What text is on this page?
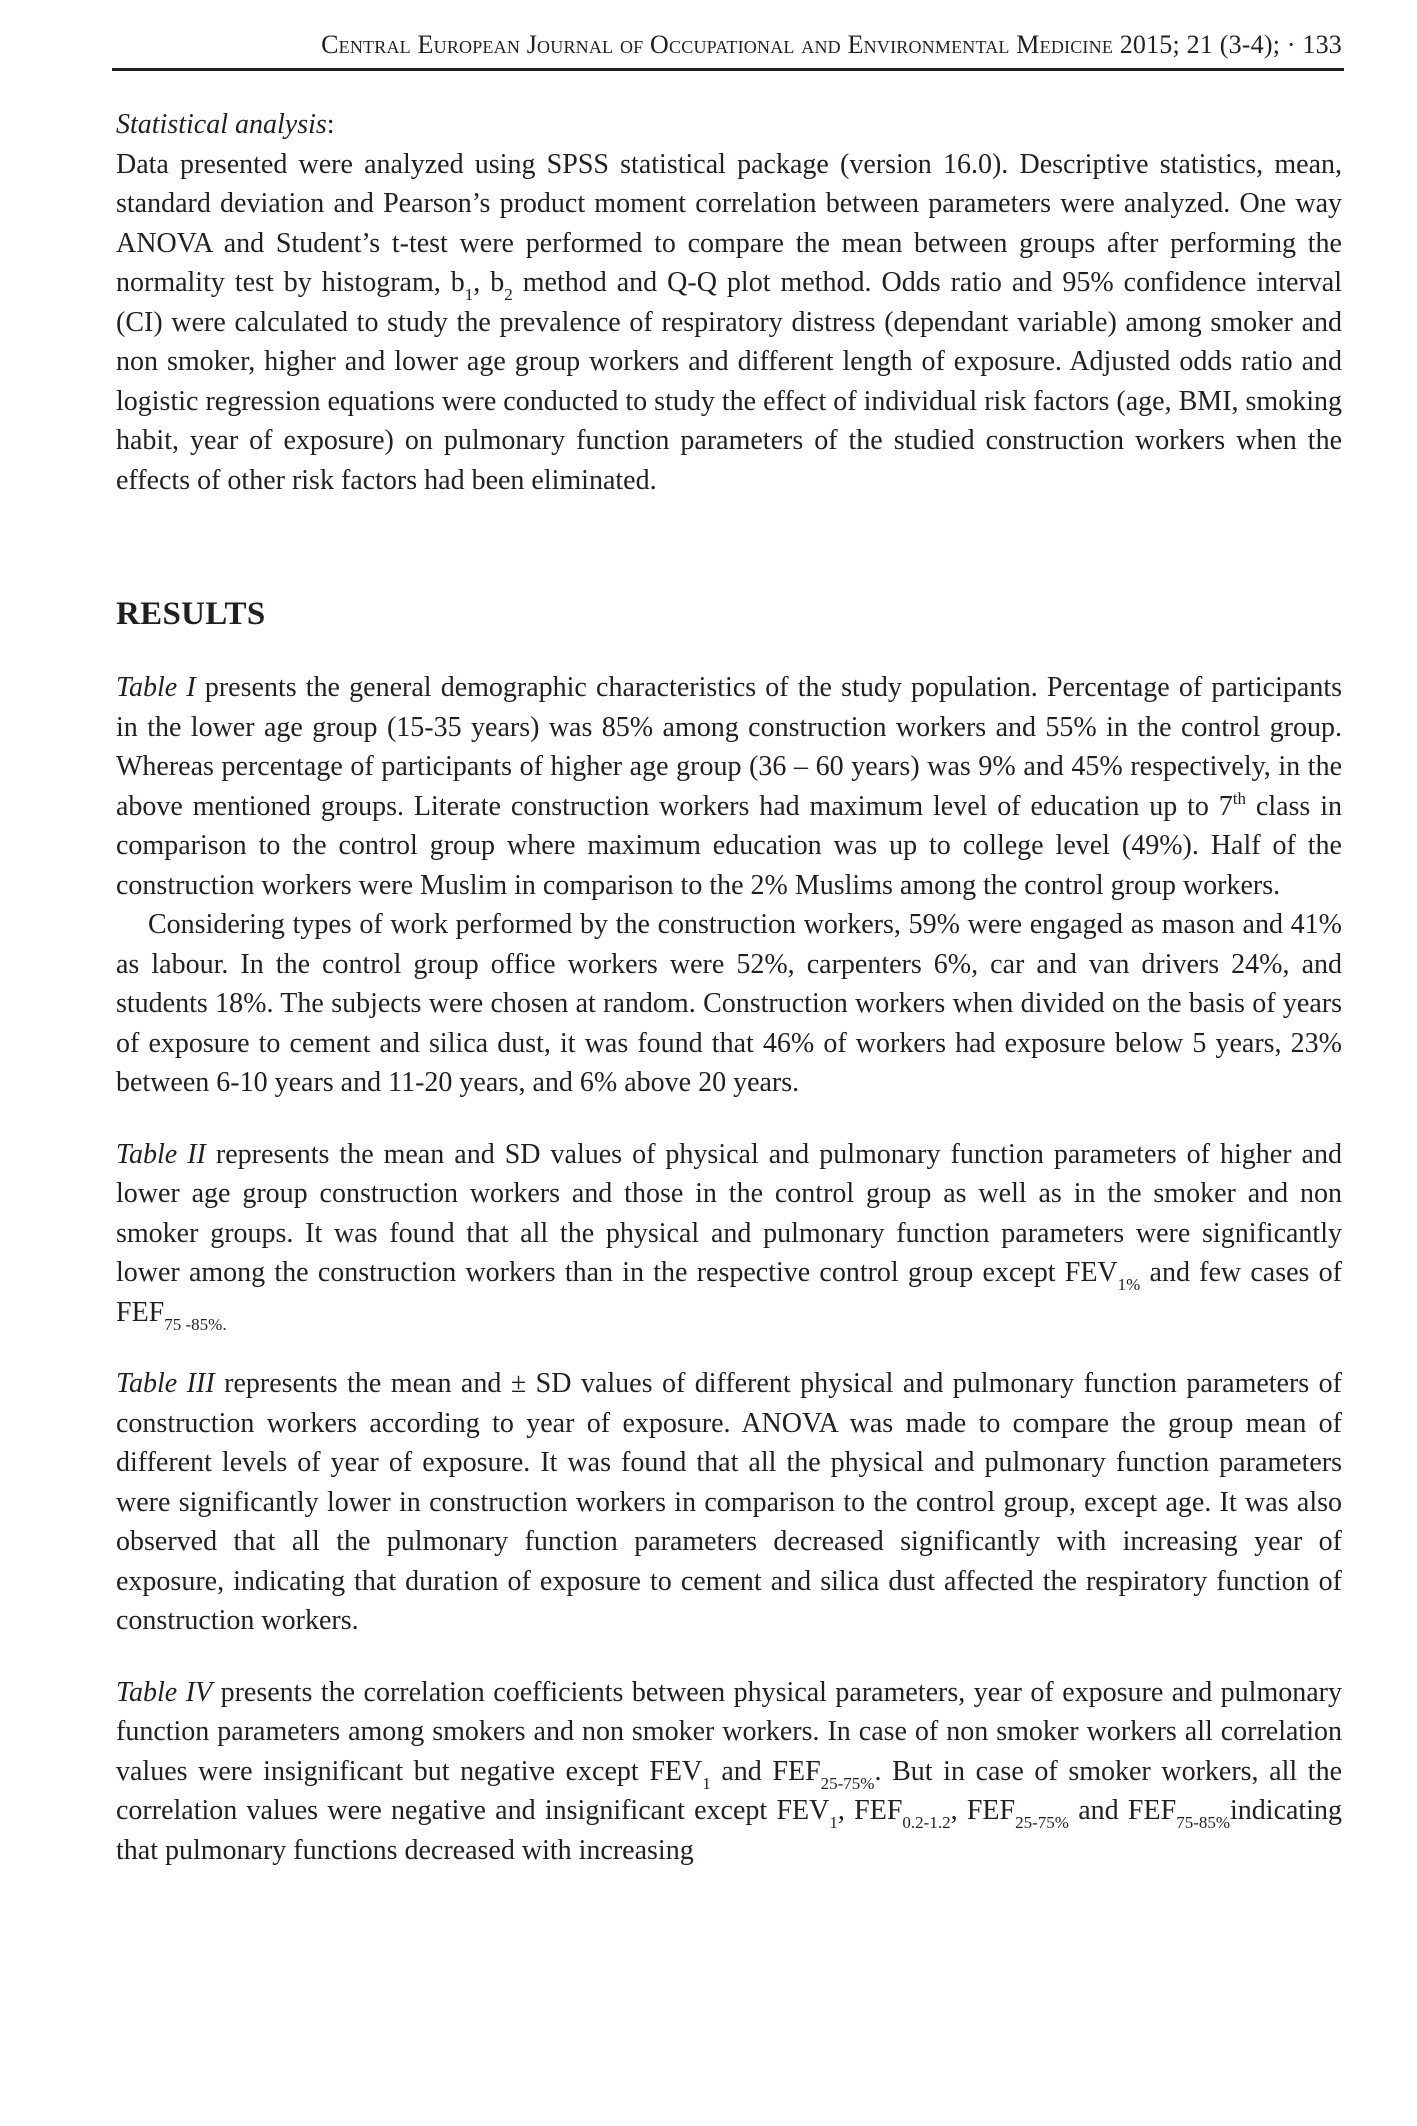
Central European Journal of Occupational and Environmental Medicine 2015; 21 (3-4); · 133
Statistical analysis:

Data presented were analyzed using SPSS statistical package (version 16.0). Descriptive statistics, mean, standard deviation and Pearson’s product moment correlation between parameters were analyzed. One way ANOVA and Student’s t-test were performed to compare the mean between groups after performing the normality test by histogram, $b_1$, $b_2$ method and Q-Q plot method. Odds ratio and 95% confidence interval (CI) were calculated to study the prevalence of respiratory distress (dependant variable) among smoker and non smoker, higher and lower age group workers and different length of exposure. Adjusted odds ratio and logistic regression equations were conducted to study the effect of individual risk factors (age, BMI, smoking habit, year of exposure) on pulmonary function parameters of the studied construction workers when the effects of other risk factors had been eliminated.

RESULTS

Table I presents the general demographic characteristics of the study population. Percentage of participants in the lower age group (15-35 years) was 85% among construction workers and 55% in the control group. Whereas percentage of participants of higher age group (36 – 60 years) was 9% and 45% respectively, in the above mentioned groups. Literate construction workers had maximum level of education up to 7th class in comparison to the control group where maximum education was up to college level (49%). Half of the construction workers were Muslim in comparison to the 2% Muslims among the control group workers.

Considering types of work performed by the construction workers, 59% were engaged as mason and 41% as labour. In the control group office workers were 52%, carpenters 6%, car and van drivers 24%, and students 18%. The subjects were chosen at random. Construction workers when divided on the basis of years of exposure to cement and silica dust, it was found that 46% of workers had exposure below 5 years, 23% between 6-10 years and 11-20 years, and 6% above 20 years.

Table II represents the mean and SD values of physical and pulmonary function parameters of higher and lower age group construction workers and those in the control group as well as in the smoker and non smoker groups. It was found that all the physical and pulmonary function parameters were significantly lower among the construction workers than in the respective control group except $FEV_{1\%}$ and few cases of $FEF_{75 -85\%.}$

Table III represents the mean and ± SD values of different physical and pulmonary function parameters of construction workers according to year of exposure. ANOVA was made to compare the group mean of different levels of year of exposure. It was found that all the physical and pulmonary function parameters were significantly lower in construction workers in comparison to the control group, except age. It was also observed that all the pulmonary function parameters decreased significantly with increasing year of exposure, indicating that duration of exposure to cement and silica dust affected the respiratory function of construction workers.

Table IV presents the correlation coefficients between physical parameters, year of exposure and pulmonary function parameters among smokers and non smoker workers. In case of non smoker workers all correlation values were insignificant but negative except $FEV_1$ and $FEF_{25-75\%}$. But in case of smoker workers, all the correlation values were negative and insignificant except $FEV_1$, $FEF_{0.2-1.2}$, $FEF_{25-75\%}$ and $FEF_{75-85\%}indicating$ that pulmonary functions decreased with increasing
